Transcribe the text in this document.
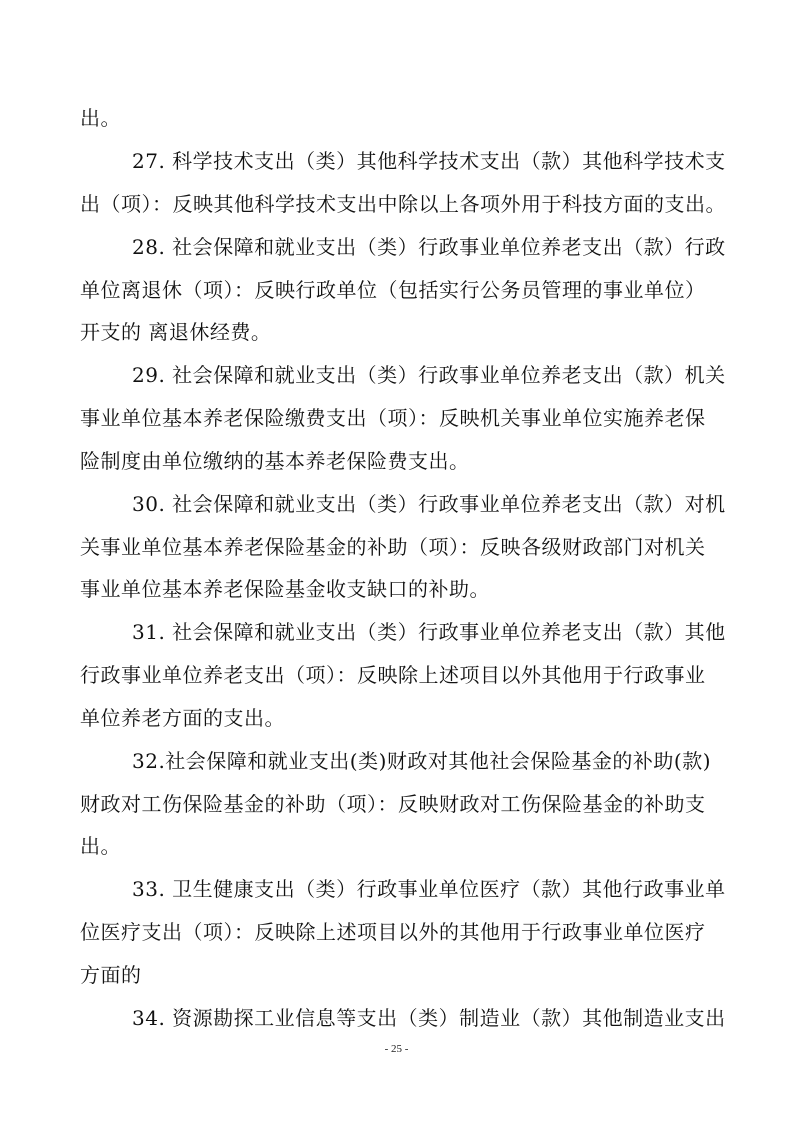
出。
27. 科学技术支出（类）其他科学技术支出（款）其他科学技术支
出（项）：反映其他科学技术支出中除以上各项外用于科技方面的支出。
28. 社会保障和就业支出（类）行政事业单位养老支出（款）行政
单位离退休（项）：反映行政单位（包括实行公务员管理的事业单位）
开支的 离退休经费。
29. 社会保障和就业支出（类）行政事业单位养老支出（款）机关
事业单位基本养老保险缴费支出（项）：反映机关事业单位实施养老保
险制度由单位缴纳的基本养老保险费支出。
30. 社会保障和就业支出（类）行政事业单位养老支出（款）对机
关事业单位基本养老保险基金的补助（项）：反映各级财政部门对机关
事业单位基本养老保险基金收支缺口的补助。
31. 社会保障和就业支出（类）行政事业单位养老支出（款）其他
行政事业单位养老支出（项）：反映除上述项目以外其他用于行政事业
单位养老方面的支出。
32.社会保障和就业支出(类)财政对其他社会保险基金的补助(款)
财政对工伤保险基金的补助（项）：反映财政对工伤保险基金的补助支
出。
33. 卫生健康支出（类）行政事业单位医疗（款）其他行政事业单
位医疗支出（项）：反映除上述项目以外的其他用于行政事业单位医疗
方面的
34. 资源勘探工业信息等支出（类）制造业（款）其他制造业支出
- 25 -
